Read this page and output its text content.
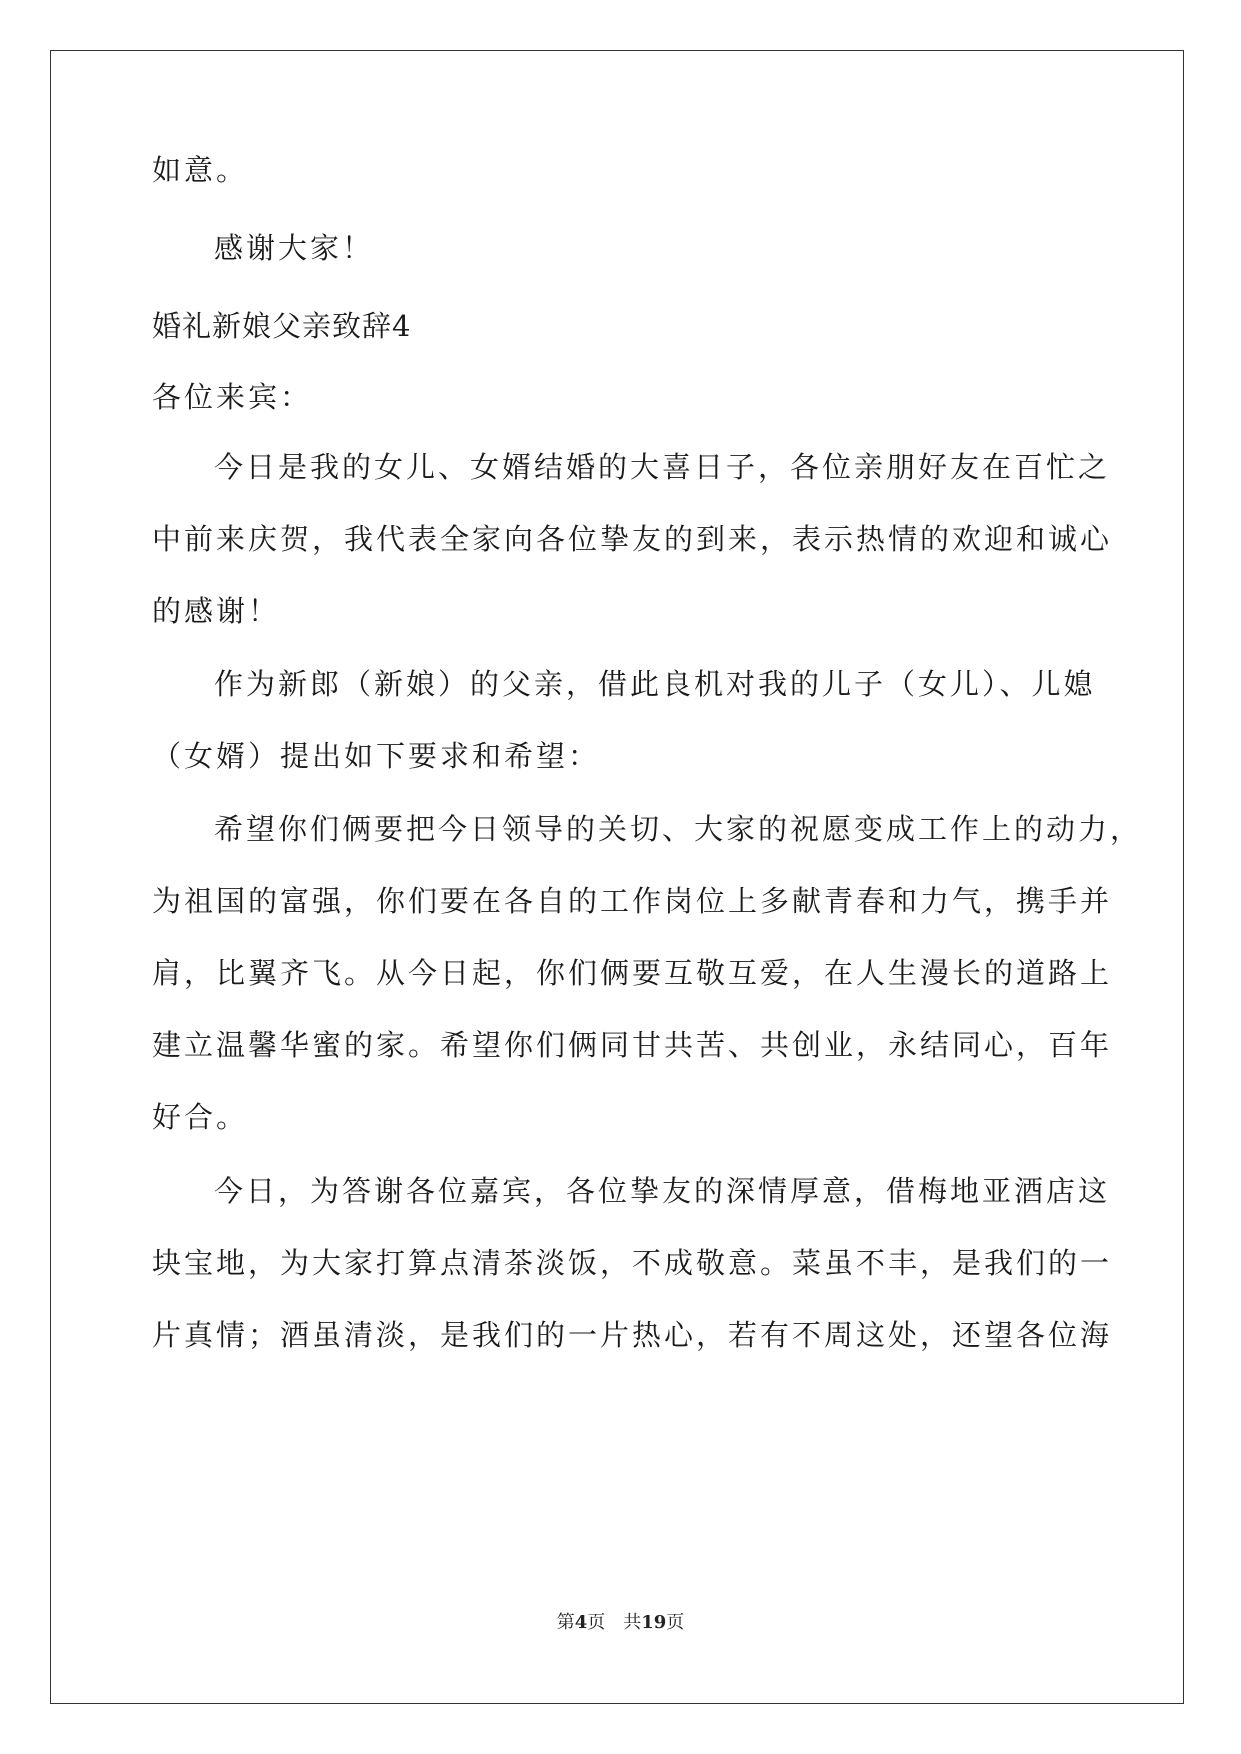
如意。
感谢大家！
婚礼新娘父亲致辞4
各位来宾：
今日是我的女儿、女婿结婚的大喜日子，各位亲朋好友在百忙之
中前来庆贺，我代表全家向各位挚友的到来，表示热情的欢迎和诚心
的感谢！
作为新郎（新娘）的父亲，借此良机对我的儿子（女儿）、儿媳
（女婿）提出如下要求和希望：
希望你们俩要把今日领导的关切、大家的祝愿变成工作上的动力，
为祖国的富强，你们要在各自的工作岗位上多献青春和力气，携手并
肩，比翼齐飞。从今日起，你们俩要互敬互爱，在人生漫长的道路上
建立温馨华蜜的家。希望你们俩同甘共苦、共创业，永结同心，百年
好合。
今日，为答谢各位嘉宾，各位挚友的深情厚意，借梅地亚酒店这
块宝地，为大家打算点清茶淡饭，不成敬意。菜虽不丰，是我们的一
片真情；酒虽清淡，是我们的一片热心，若有不周这处，还望各位海
第4页　共19页
